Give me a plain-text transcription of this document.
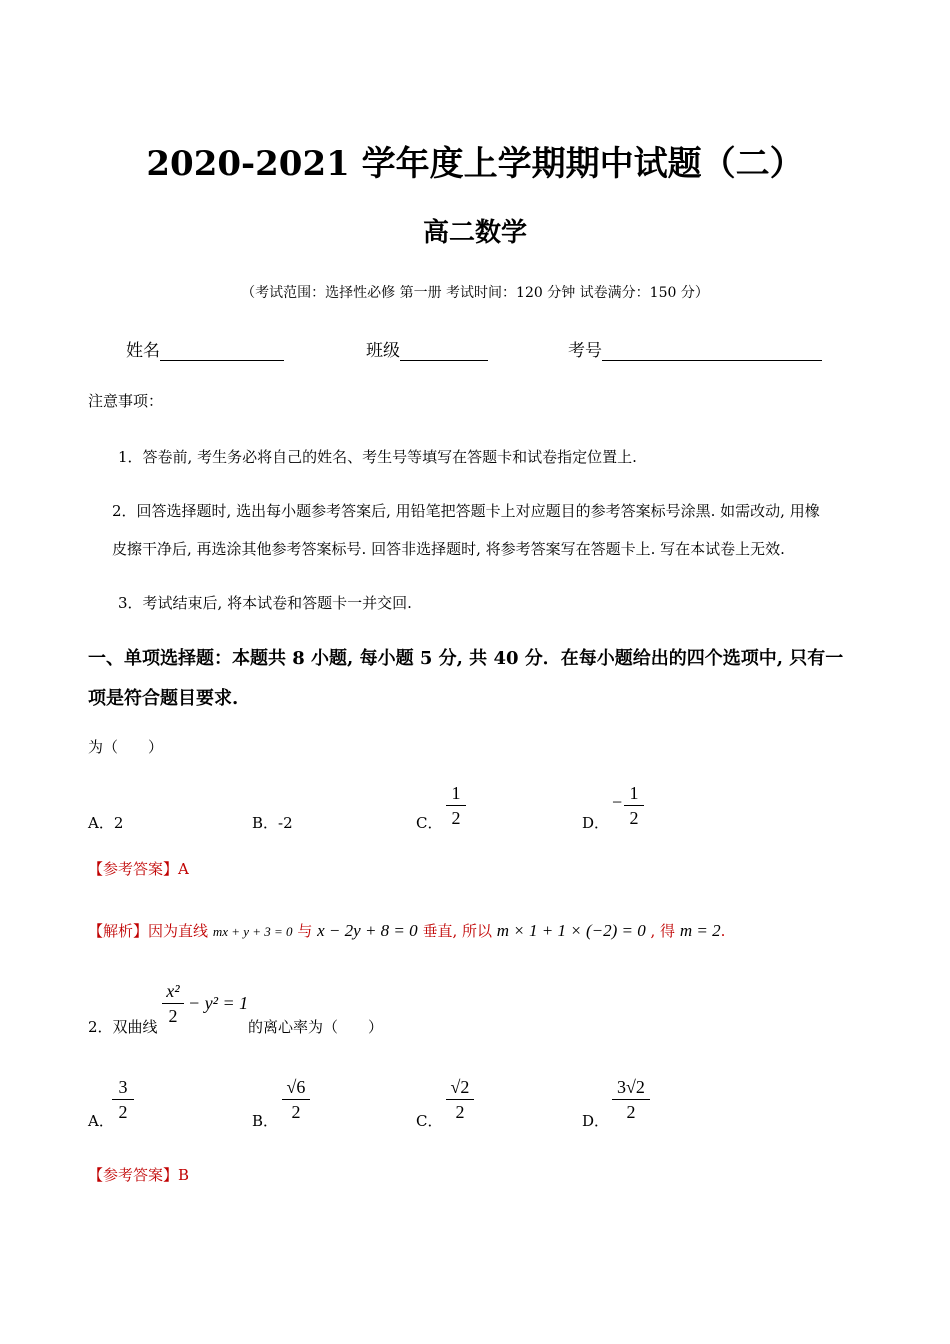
2020-2021 学年度上学期期中试题（二）
高二数学
（考试范围：选择性必修 第一册 考试时间：120 分钟 试卷满分：150 分）
姓名	班级	考号
注意事项：
1．答卷前, 考生务必将自己的姓名、考生号等填写在答题卡和试卷指定位置上.
2．回答选择题时, 选出每小题参考答案后, 用铅笔把答题卡上对应题目的参考答案标号涂黑. 如需改动, 用橡
皮擦干净后, 再选涂其他参考答案标号. 回答非选择题时, 将参考答案写在答题卡上. 写在本试卷上无效.
3．考试结束后, 将本试卷和答题卡一并交回.
一、单项选择题：本题共 8 小题, 每小题 5 分, 共 40 分．在每小题给出的四个选项中, 只有一
项是符合题目要求.
为（　　）
A．2	B．-2	C．
1
2	D．
− 1
2
【参考答案】A
【解析】因为直线 mx + y + 3 = 0 与 x − 2y + 8 = 0 垂直, 所以 m × 1 + 1 × (−2) = 0 , 得 m = 2.
2．双曲线
x²
2
− y² = 1
的离心率为（　　）
A．
3
2	B．
√6
2	C．
√2
2	D．
3√2
2
【参考答案】B
